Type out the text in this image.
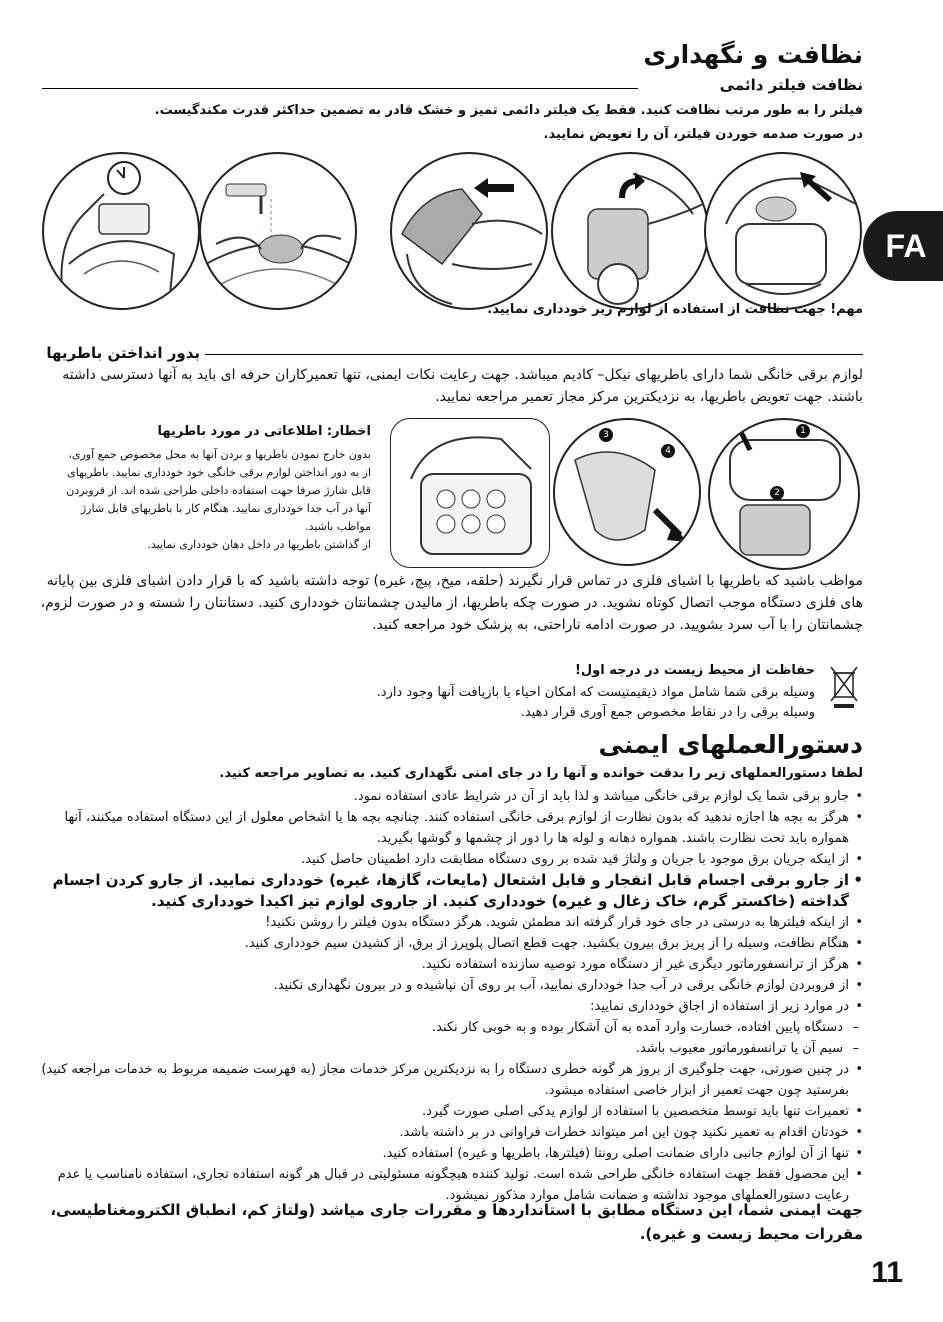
نظافت و نگهداری
نظافت فیلتر دائمی
فیلتر را به طور مرتب نظافت کنید. فقط یک فیلتر دائمی تمیز و خشک قادر به تضمین حداکثر قدرت مکندگیست.
در صورت صدمه خوردن فیلتر، آن را تعویض نمایید.
FA
مهم! جهت نظافت از استفاده از لوازم زیر خودداری نمایید.
بدور انداختن باطریها
لوازم برقی خانگی شما دارای باطریهای نیکل– کادیم میباشد. جهت رعایت نکات ایمنی، تنها تعمیرکاران حرفه ای باید به آنها دسترسی داشته باشند. جهت تعویض باطریها، به نزدیکترین مرکز مجاز تعمیر مراجعه نمایید.
اخطار: اطلاعاتی در مورد باطریها
بدون خارج نمودن باطریها و بردن آنها به محل مخصوص جمع آوری،
از به دور انداختن لوازم برقی خانگی خود خودداری نمایید. باطریهای
قابل شارژ صرفا جهت استفاده داخلی طراحی شده اند. از فروبردن
آنها در آب جدا خودداری نمایید. هنگام کار با باطریهای قابل شارژ
مواظب باشید.
از گذاشتن باطریها در داخل دهان خودداری نمایید.
3
4
1
2
مواظب باشید که باطریها با اشیای فلزی در تماس قرار نگیرند (حلقه، میخ، پیچ، غیره) توجه داشته باشید که با قرار دادن اشیای فلزی بین پایانه های فلزی دستگاه موجب اتصال کوتاه نشوید. در صورت چکه باطریها، از مالیدن چشمانتان خودداری کنید. دستانتان را شسته و در صورت لزوم، چشمانتان را با آب سرد بشویید. در صورت ادامه ناراحتی، به پزشک خود مراجعه کنید.
حفاظت از محیط زیست در درجه اول!
وسیله برقی شما شامل مواد ذیقیمتیست که امکان احیاء یا بازیافت آنها وجود دارد.
وسیله برقی را در نقاط مخصوص جمع آوری قرار دهید.
دستورالعملهای ایمنی
لطفا دستورالعملهای زیر را بدقت خوانده و آنها را در جای امنی نگهداری کنید. به تصاویر مراجعه کنید.
• جارو برقی شما یک لوازم برقی خانگی میباشد و لذا باید از آن در شرایط عادی استفاده نمود.
• هرگز به بچه ها اجازه ندهید که بدون نظارت از لوازم برقی خانگی استفاده کنند. چنانچه بچه ها یا اشخاص معلول از این دستگاه استفاده میکنند، آنها همواره باید تحت نظارت باشند. همواره دهانه و لوله ها را دور از چشمها و گوشها بگیرید.
• از اینکه جریان برق موجود با جریان و ولتاژ قید شده بر روی دستگاه مطابقت دارد اطمینان حاصل کنید.
• از جارو برقی اجسام قابل انفجار و قابل اشتعال (مایعات، گازها، غیره) خودداری نمایید. از جارو کردن اجسام گداخته (خاکستر گرم، خاک زغال و غیره) خودداری کنید. از جاروی لوازم تیز اکیدا خودداری کنید.
• از اینکه فیلترها به درستی در جای خود قرار گرفته اند مطمئن شوید. هرگز دستگاه بدون فیلتر را روشن نکنید!
• هنگام نظافت، وسیله را از پریز برق بیرون بکشید. جهت قطع اتصال پلوپرز از برق، از کشیدن سیم خودداری کنید.
• هرگز از ترانسفورماتور دیگری غیر از دستگاه مورد توصیه سازنده استفاده نکنید.
• از فروبردن لوازم خانگی برقی در آب جدا خودداری نمایید، آب بر روی آن نپاشیده و در بیرون نگهداری نکنید.
• در موارد زیر از استفاده از اجاق خودداری نمایید:
– دستگاه پایین افتاده، خسارت وارد آمده به آن آشکار بوده و به خوبی کار نکند.
– سیم آن یا ترانسفورماتور معیوب باشد.
• در چنین صورتی، جهت جلوگیری از بروز هر گونه خطری دستگاه را به نزدیکترین مرکز خدمات مجاز (به فهرست ضمیمه مربوط به خدمات مراجعه کنید) بفرستید چون جهت تعمیر از ابزار خاصی استفاده میشود.
• تعمیرات تنها باید توسط متخصصین با استفاده از لوازم یدکی اصلی صورت گیرد.
• خودتان اقدام به تعمیر نکنید چون این امر میتواند خطرات فراوانی در بر داشته باشد.
• تنها از آن لوازم جانبی دارای ضمانت اصلی رونتا (فیلترها، باطریها و غیره) استفاده کنید.
• این محصول فقط جهت استفاده خانگی طراحی شده است. تولید کننده هیچگونه مسئولیتی در قبال هر گونه استفاده تجاری، استفاده نامناسب یا عدم رعایت دستورالعملهای موجود نداشته و ضمانت شامل موارد مذکور نمیشود.
جهت ایمنی شما، این دستگاه مطابق با استانداردها و مقررات جاری میاشد (ولتاژ کم، انطباق الکترومغناطیسی، مقررات محیط زیست و غیره).
11
